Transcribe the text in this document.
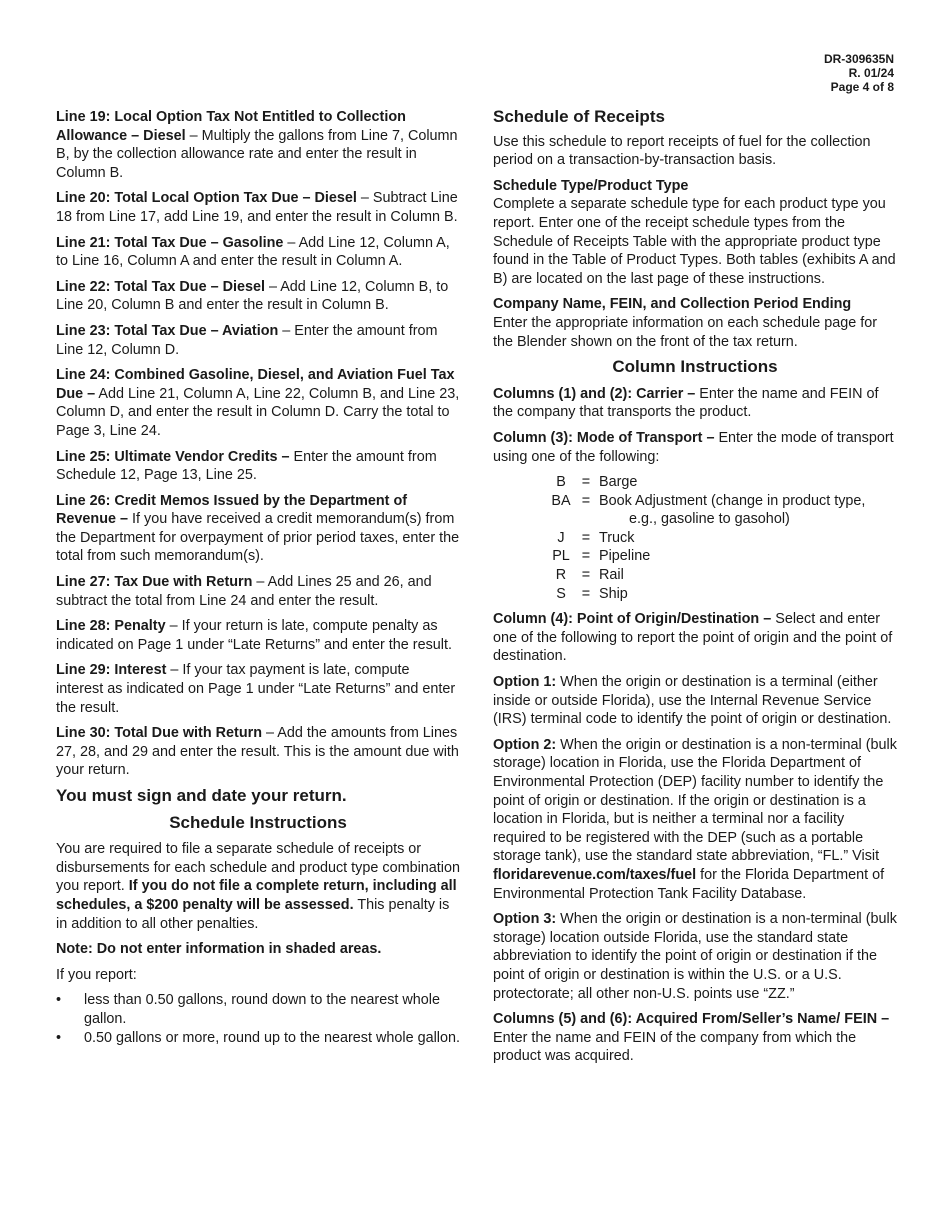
DR-309635N
R. 01/24
Page 4 of 8

Line 19: Local Option Tax Not Entitled to Collection Allowance – Diesel – Multiply the gallons from Line 7, Column B, by the collection allowance rate and enter the result in Column B.

Line 20: Total Local Option Tax Due – Diesel – Subtract Line 18 from Line 17, add Line 19, and enter the result in Column B.

Line 21: Total Tax Due – Gasoline – Add Line 12, Column A, to Line 16, Column A and enter the result in Column A.

Line 22: Total Tax Due – Diesel – Add Line 12, Column B, to Line 20, Column B and enter the result in Column B.

Line 23: Total Tax Due – Aviation – Enter the amount from Line 12, Column D.

Line 24: Combined Gasoline, Diesel, and Aviation Fuel Tax Due – Add Line 21, Column A, Line 22, Column B, and Line 23, Column D, and enter the result in Column D. Carry the total to Page 3, Line 24.

Line 25: Ultimate Vendor Credits – Enter the amount from Schedule 12, Page 13, Line 25.

Line 26: Credit Memos Issued by the Department of Revenue – If you have received a credit memorandum(s) from the Department for overpayment of prior period taxes, enter the total from such memorandum(s).

Line 27: Tax Due with Return – Add Lines 25 and 26, and subtract the total from Line 24 and enter the result.

Line 28: Penalty – If your return is late, compute penalty as indicated on Page 1 under “Late Returns” and enter the result.

Line 29: Interest – If your tax payment is late, compute interest as indicated on Page 1 under “Late Returns” and enter the result.

Line 30: Total Due with Return – Add the amounts from Lines 27, 28, and 29 and enter the result. This is the amount due with your return.

You must sign and date your return.
Schedule Instructions

You are required to file a separate schedule of receipts or disbursements for each schedule and product type combination you report. If you do not file a complete return, including all schedules, a $200 penalty will be assessed. This penalty is in addition to all other penalties.

Note: Do not enter information in shaded areas.

If you report:

• less than 0.50 gallons, round down to the nearest whole gallon.
• 0.50 gallons or more, round up to the nearest whole gallon.
Schedule of Receipts

Use this schedule to report receipts of fuel for the collection period on a transaction-by-transaction basis.

Schedule Type/Product Type
Complete a separate schedule type for each product type you report. Enter one of the receipt schedule types from the Schedule of Receipts Table with the appropriate product type found in the Table of Product Types. Both tables (exhibits A and B) are located on the last page of these instructions.

Company Name, FEIN, and Collection Period Ending
Enter the appropriate information on each schedule page for the Blender shown on the front of the tax return.

Column Instructions

Columns (1) and (2): Carrier – Enter the name and FEIN of the company that transports the product.

Column (3): Mode of Transport – Enter the mode of transport using one of the following:

B	=	Barge
BA	=	Book Adjustment (change in product type,
e.g., gasoline to gasohol)

J	=	Truck
PL	=	Pipeline
R	=	Rail
S	=	Ship

Column (4): Point of Origin/Destination – Select and enter one of the following to report the point of origin and the point of destination.

Option 1: When the origin or destination is a terminal (either inside or outside Florida), use the Internal Revenue Service (IRS) terminal code to identify the point of origin or destination.

Option 2: When the origin or destination is a non-terminal (bulk storage) location in Florida, use the Florida Department of Environmental Protection (DEP) facility number to identify the point of origin or destination. If the origin or destination is a location in Florida, but is neither a terminal nor a facility required to be registered with the DEP (such as a portable storage tank), use the standard state abbreviation, “FL.” Visit floridarevenue.com/taxes/fuel for the Florida Department of Environmental Protection Tank Facility Database.

Option 3: When the origin or destination is a non-terminal (bulk storage) location outside Florida, use the standard state abbreviation to identify the point of origin or destination if the point of origin or destination is within the U.S. or a U.S. protectorate; all other non-U.S. points use “ZZ.”

Columns (5) and (6): Acquired From/Seller’s Name/ FEIN – Enter the name and FEIN of the company from which the product was acquired.
